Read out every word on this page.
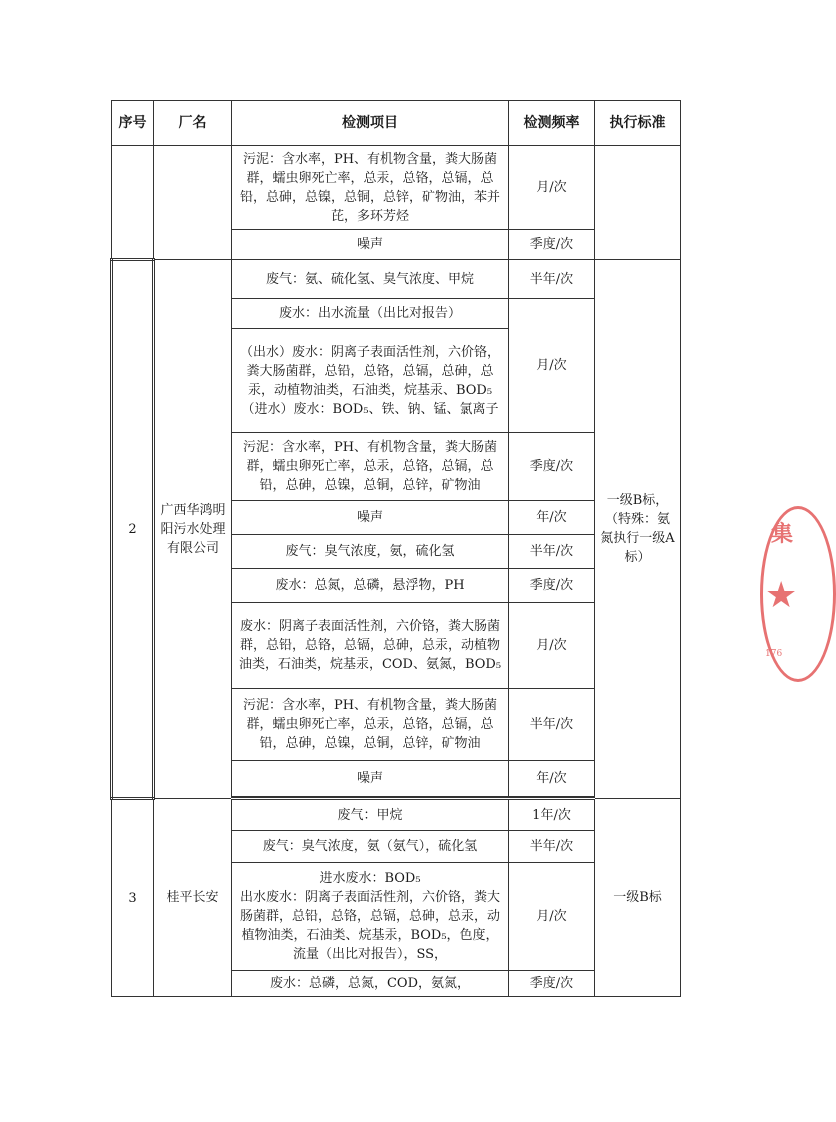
序号	厂名	检测项目	检测频率	执行标准
		污泥：含水率，PH、有机物含量，粪大肠菌群，蠕虫卵死亡率，总汞，总铬，总镉，总铅，总砷，总镍，总铜，总锌，矿物油，苯并芘，多环芳烃	月/次	
		噪声	季度/次	
2	广西华鸿明阳污水处理有限公司	废气：氨、硫化氢、臭气浓度、甲烷	半年/次	一级B标，（特殊：氨氮执行一级A标）
		废水：出水流量（出比对报告）	月/次	

		（出水）废水：阴离子表面活性剂，六价铬，粪大肠菌群，总铅，总铬，总镉，总砷，总汞，动植物油类，石油类，烷基汞、BOD₅
（进水）废水：BOD₅、铁、钠、锰、氯离子		

		污泥：含水率，PH、有机物含量，粪大肠菌群，蠕虫卵死亡率，总汞，总铬，总镉，总铅，总砷，总镍，总铜，总锌，矿物油	季度/次	
		噪声	年/次	
		废气：臭气浓度，氨，硫化氢	半年/次	
		废水：总氮，总磷，悬浮物，PH	季度/次	
		废水：阴离子表面活性剂，六价铬，粪大肠菌群，总铅，总铬，总镉，总砷，总汞，动植物油类，石油类，烷基汞，COD、氨氮，BOD₅	月/次	
		污泥：含水率，PH、有机物含量，粪大肠菌群，蠕虫卵死亡率，总汞，总铬，总镉，总铅，总砷，总镍，总铜，总锌，矿物油	半年/次	
		噪声	年/次	

3	桂平长安	废气：甲烷	1年/次	一级B标
		废气：臭气浓度，氨（氨气），硫化氢	半年/次	

		进水废水：BOD₅
出水废水：阴离子表面活性剂，六价铬，粪大肠菌群，总铅，总铬，总镉，总砷，总汞，动植物油类，石油类、烷基汞，BOD₅，色度，流量（出比对报告），SS，	月/次	
		废水：总磷，总氮，COD，氨氮，	季度/次	
集
★
176
